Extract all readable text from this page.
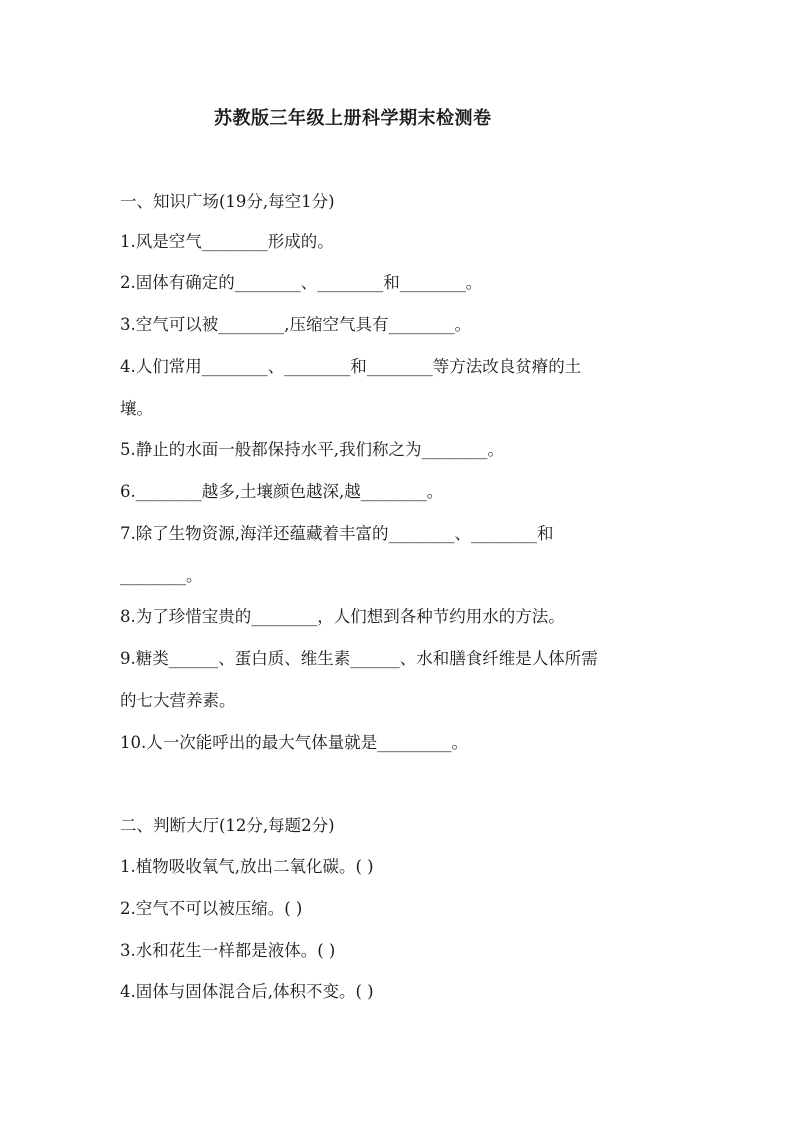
苏教版三年级上册科学期末检测卷
一、知识广场(19分,每空1分)
1.风是空气________形成的。
2.固体有确定的________、________和________。
3.空气可以被________,压缩空气具有________。
4.人们常用________、________和________等方法改良贫瘠的土
壤。
5.静止的水面一般都保持水平,我们称之为________。
6.________越多,土壤颜色越深,越________。
7.除了生物资源,海洋还蕴藏着丰富的________、________和
________。
8.为了珍惜宝贵的________，人们想到各种节约用水的方法。
9.糖类______、蛋白质、维生素______、水和膳食纤维是人体所需
的七大营养素。
10.人一次能呼出的最大气体量就是_________。
二、判断大厅(12分,每题2分)
1.植物吸收氧气,放出二氧化碳。( )
2.空气不可以被压缩。( )
3.水和花生一样都是液体。( )
4.固体与固体混合后,体积不变。( )
